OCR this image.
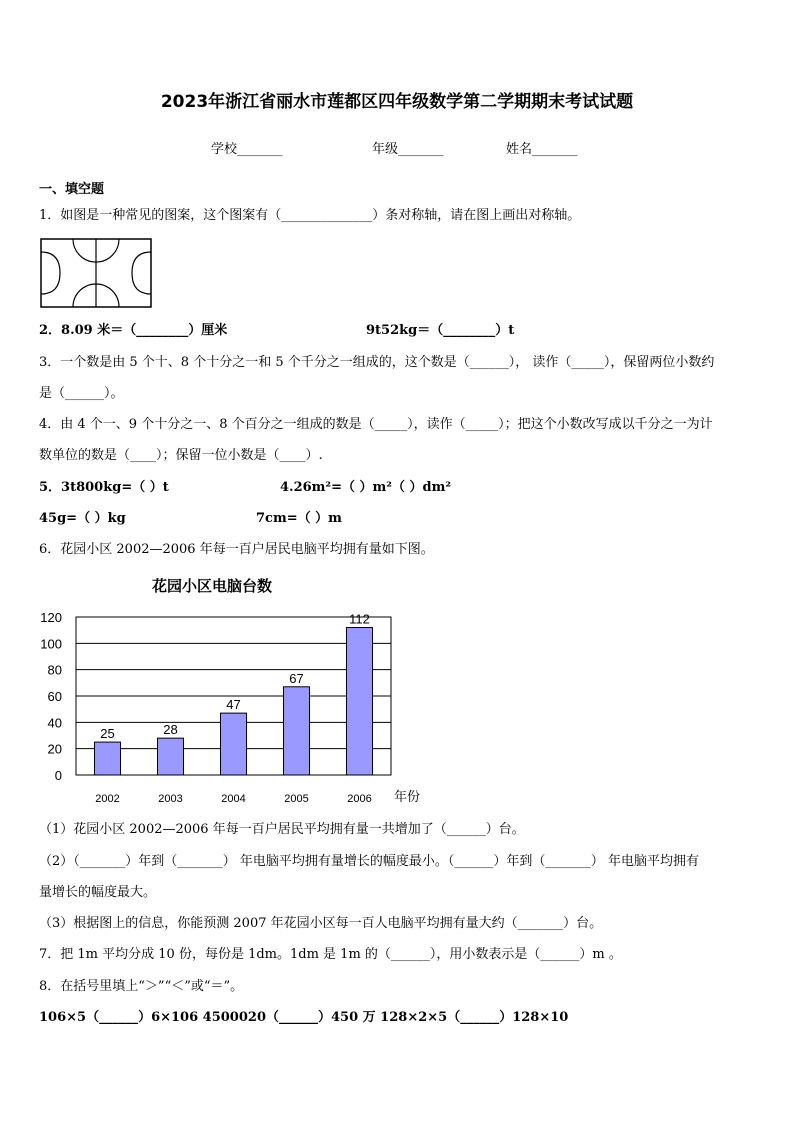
2023年浙江省丽水市莲都区四年级数学第二学期期末考试试题
学校_______	年级_______	姓名_______
一、填空题
1．如图是一种常见的图案，这个图案有（______________）条对称轴，请在图上画出对称轴。
2．8.09 米＝（________）厘米	9t52kg＝（________）t
3．一个数是由 5 个十、8 个十分之一和 5 个千分之一组成的，这个数是（______）， 读作（_____），保留两位小数约
是（______）。
4．由 4 个一、9 个十分之一、8 个百分之一组成的数是（_____），读作（_____）；把这个小数改写成以千分之一为计
数单位的数是（____）；保留一位小数是（____）.
5．3t800kg=（ ）t	4.26m²=（ ）m²（ ）dm²
45g=（ ）kg	7cm=（ ）m
6．花园小区 2002—2006 年每一百户居民电脑平均拥有量如下图。
花园小区电脑台数
0
20
40
60
80
100
120
25	28
47
67
112
2002	2003	2004	2005	2006 年份
（1）花园小区 2002—2006 年每一百户居民平均拥有量一共增加了（______）台。
（2）（_______）年到（_______） 年电脑平均拥有量增长的幅度最小。（______）年到（_______） 年电脑平均拥有
量增长的幅度最大。
（3）根据图上的信息，你能预测 2007 年花园小区每一百人电脑平均拥有量大约（_______）台。
7．把 1m 平均分成 10 份，每份是 1dm。1dm 是 1m 的（______），用小数表示是（______）m 。
8．在括号里填上“＞”“＜”或“＝”。
106×5（______）6×106 4500020（______）450 万 128×2×5（______）128×10
